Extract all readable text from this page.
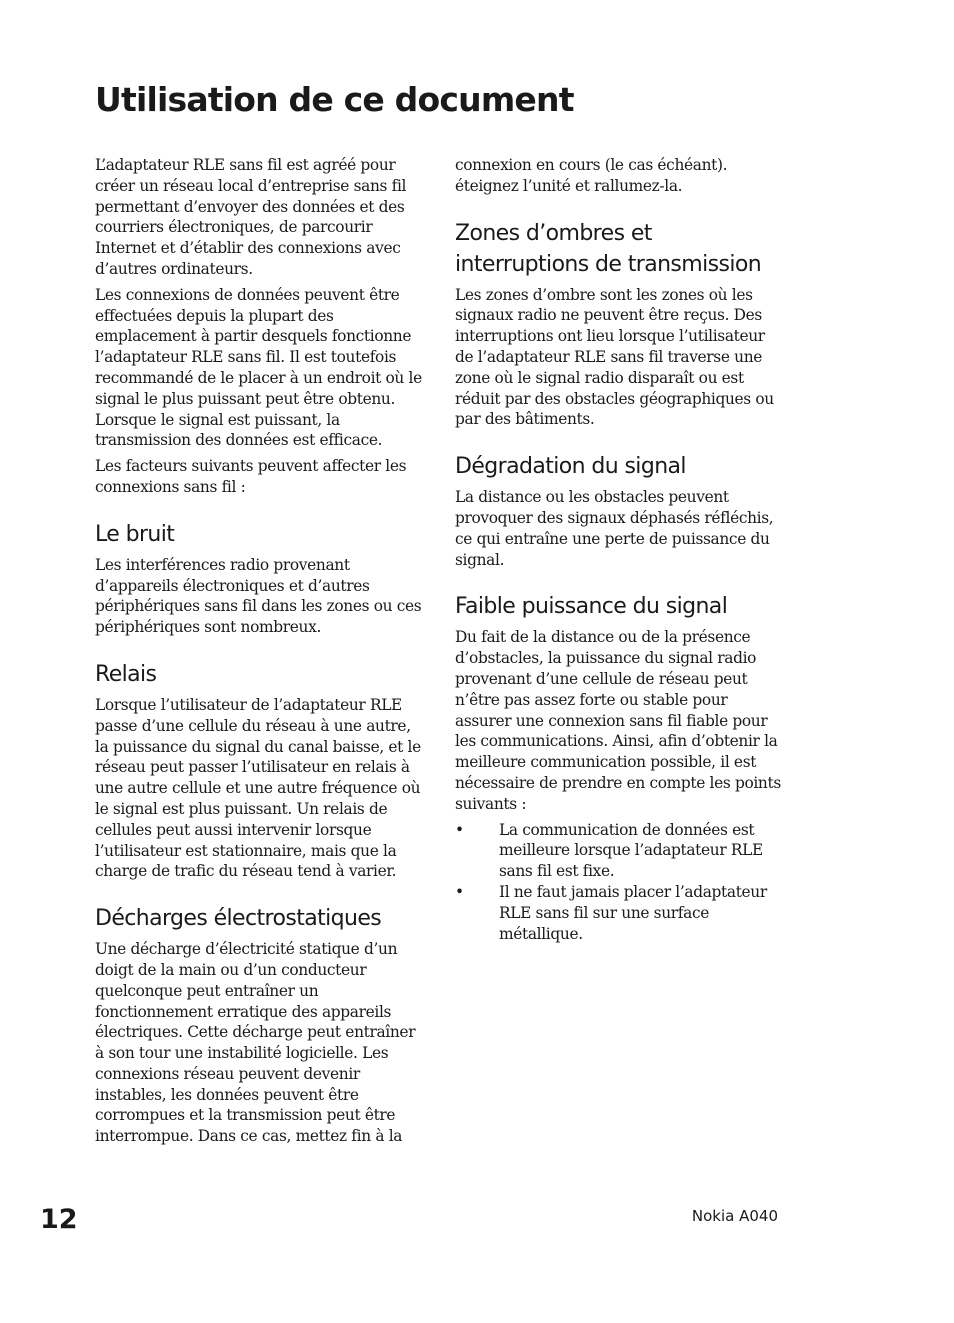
Utilisation de ce document

L’adaptateur RLE sans fil est agréé pour créer un réseau local d’entreprise sans fil permettant d’envoyer des données et des courriers électroniques, de parcourir Internet et d’établir des connexions avec d’autres ordinateurs.

Les connexions de données peuvent être effectuées depuis la plupart des emplacement à partir desquels fonctionne l’adaptateur RLE sans fil. Il est toutefois recommandé de le placer à un endroit où le signal le plus puissant peut être obtenu. Lorsque le signal est puissant, la transmission des données est efficace.

Les facteurs suivants peuvent affecter les connexions sans fil :

Le bruit

Les interférences radio provenant d’appareils électroniques et d’autres périphériques sans fil dans les zones ou ces périphériques sont nombreux.

Relais

Lorsque l’utilisateur de l’adaptateur RLE passe d’une cellule du réseau à une autre, la puissance du signal du canal baisse, et le réseau peut passer l’utilisateur en relais à une autre cellule et une autre fréquence où le signal est plus puissant. Un relais de cellules peut aussi intervenir lorsque l’utilisateur est stationnaire, mais que la charge de trafic du réseau tend à varier.

Décharges électrostatiques

Une décharge d’électricité statique d’un doigt de la main ou d’un conducteur quelconque peut entraîner un fonctionnement erratique des appareils électriques. Cette décharge peut entraîner à son tour une instabilité logicielle. Les connexions réseau peuvent devenir instables, les données peuvent être corrompues et la transmission peut être interrompue. Dans ce cas, mettez fin à la

connexion en cours (le cas échéant). éteignez l’unité et rallumez-la.

Zones d’ombres et interruptions de transmission

Les zones d’ombre sont les zones où les signaux radio ne peuvent être reçus. Des interruptions ont lieu lorsque l’utilisateur de l’adaptateur RLE sans fil traverse une zone où le signal radio disparaît ou est réduit par des obstacles géographiques ou par des bâtiments.

Dégradation du signal

La distance ou les obstacles peuvent provoquer des signaux déphasés réfléchis, ce qui entraîne une perte de puissance du signal.

Faible puissance du signal

Du fait de la distance ou de la présence d’obstacles, la puissance du signal radio provenant d’une cellule de réseau peut n’être pas assez forte ou stable pour assurer une connexion sans fil fiable pour les communications. Ainsi, afin d’obtenir la meilleure communication possible, il est nécessaire de prendre en compte les points suivants :

• La communication de données est meilleure lorsque l’adaptateur RLE sans fil est fixe.
• Il ne faut jamais placer l’adaptateur RLE sans fil sur une surface métallique.
12	Nokia A040
